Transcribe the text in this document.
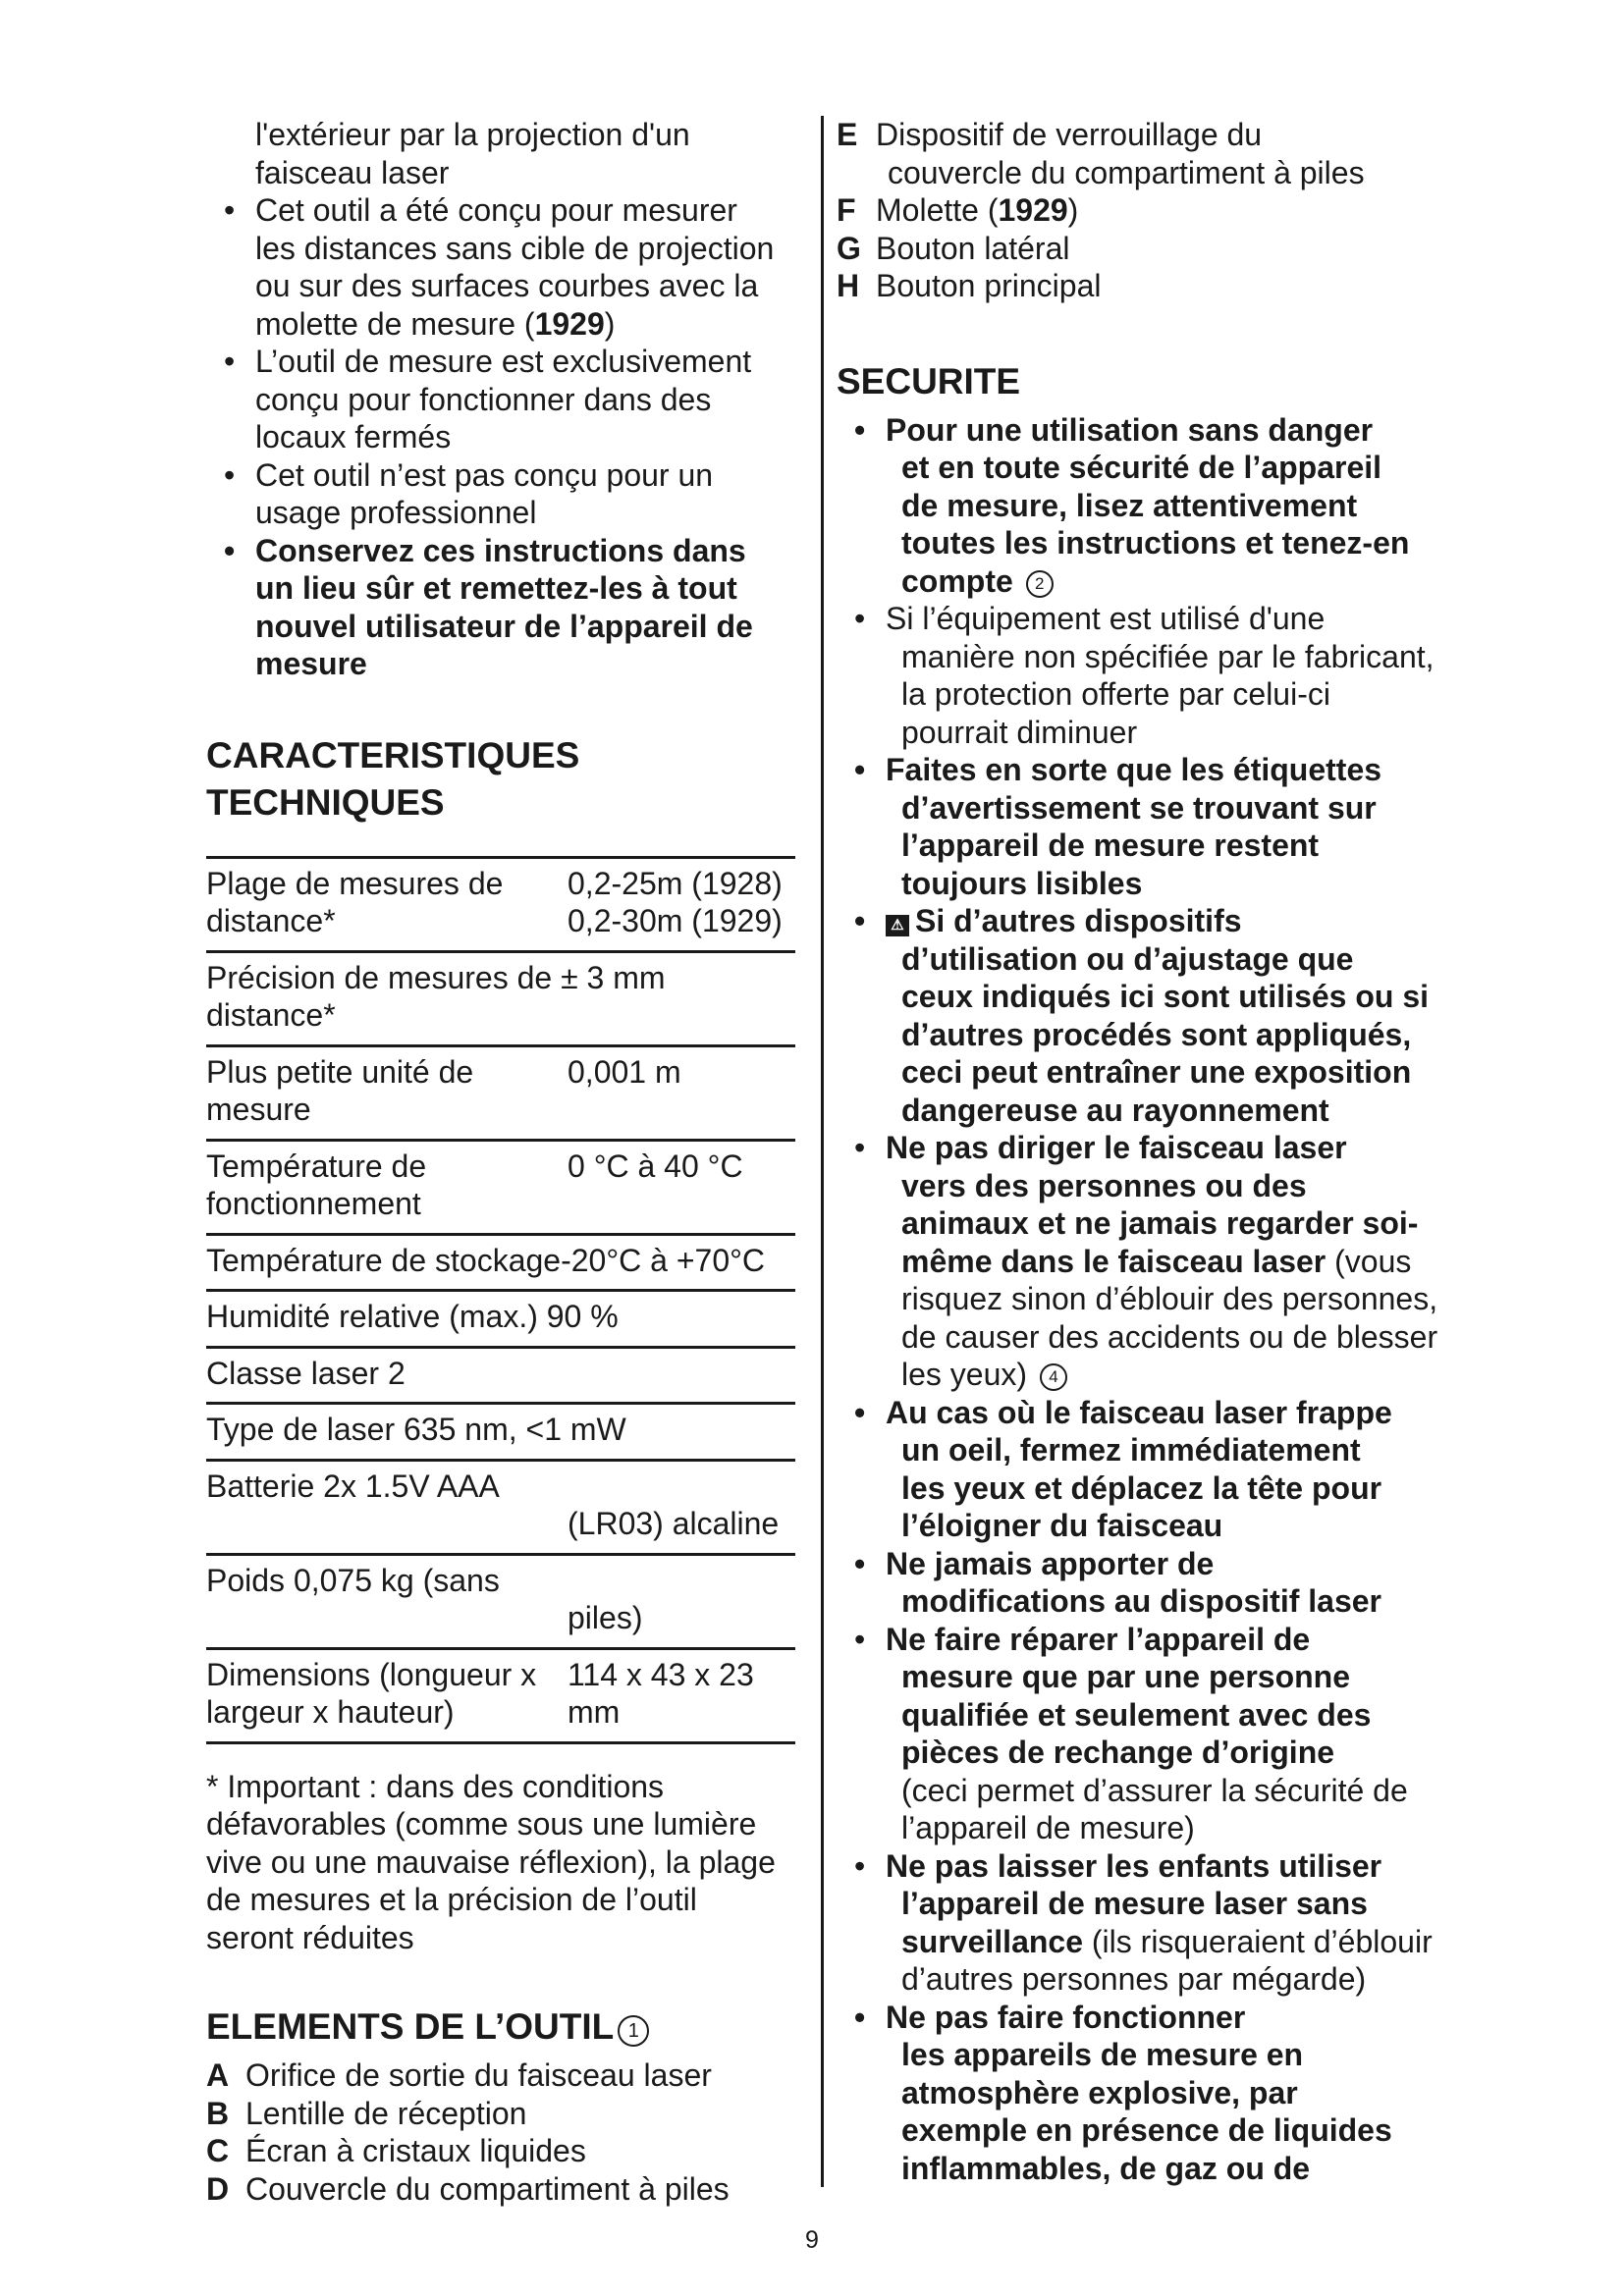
l'extérieur par la projection d'un
faisceau laser
• Cet outil a été conçu pour mesurer
les distances sans cible de projection
ou sur des surfaces courbes avec la
molette de mesure (1929)
• L’outil de mesure est exclusivement
conçu pour fonctionner dans des
locaux fermés
• Cet outil n’est pas conçu pour un
usage professionnel
• Conservez ces instructions dans
un lieu sûr et remettez-les à tout
nouvel utilisateur de l’appareil de
mesure
CARACTERISTIQUES
TECHNIQUES
Plage de mesures de
distance*	0,2-25m (1928)
0,2-30m (1929)
Précision de mesures de ± 3 mm
distance*	
Plus petite unité de
mesure	0,001 m
Température de
fonctionnement	0 °C à 40 °C
Température de stockage-20°C à +70°C	
Humidité relative (max.) 90 %	
Classe laser 2	
Type de laser 635 nm, <1 mW	
Batterie 2x 1.5V AAA	(LR03) alcaline
Poids 0,075 kg (sans	piles)
Dimensions (longueur x
largeur x hauteur)	114 x 43 x 23
mm
* Important : dans des conditions
défavorables (comme sous une lumière
vive ou une mauvaise réflexion), la plage
de mesures et la précision de l’outil
seront réduites
ELEMENTS DE L’OUTIL 1
A Orifice de sortie du faisceau laser
B Lentille de réception
C Écran à cristaux liquides
D Couvercle du compartiment à piles
E Dispositif de verrouillage du
couvercle du compartiment à piles
F Molette (1929)
G Bouton latéral
H Bouton principal
SECURITE
• Pour une utilisation sans danger
et en toute sécurité de l’appareil
de mesure, lisez attentivement
toutes les instructions et tenez-en
compte 2
• Si l’équipement est utilisé d'une
manière non spécifiée par le fabricant,
la protection offerte par celui-ci
pourrait diminuer
• Faites en sorte que les étiquettes
d’avertissement se trouvant sur
l’appareil de mesure restent
toujours lisibles
• ⚠ Si d’autres dispositifs
d’utilisation ou d’ajustage que
ceux indiqués ici sont utilisés ou si
d’autres procédés sont appliqués,
ceci peut entraîner une exposition
dangereuse au rayonnement
• Ne pas diriger le faisceau laser
vers des personnes ou des
animaux et ne jamais regarder soi-
même dans le faisceau laser (vous
risquez sinon d’éblouir des personnes,
de causer des accidents ou de blesser
les yeux) 4
• Au cas où le faisceau laser frappe
un oeil, fermez immédiatement
les yeux et déplacez la tête pour
l’éloigner du faisceau
• Ne jamais apporter de
modifications au dispositif laser
• Ne faire réparer l’appareil de
mesure que par une personne
qualifiée et seulement avec des
pièces de rechange d’origine
(ceci permet d’assurer la sécurité de
l’appareil de mesure)
• Ne pas laisser les enfants utiliser
l’appareil de mesure laser sans
surveillance (ils risqueraient d’éblouir
d’autres personnes par mégarde)
• Ne pas faire fonctionner
les appareils de mesure en
atmosphère explosive, par
exemple en présence de liquides
inflammables, de gaz ou de
9
